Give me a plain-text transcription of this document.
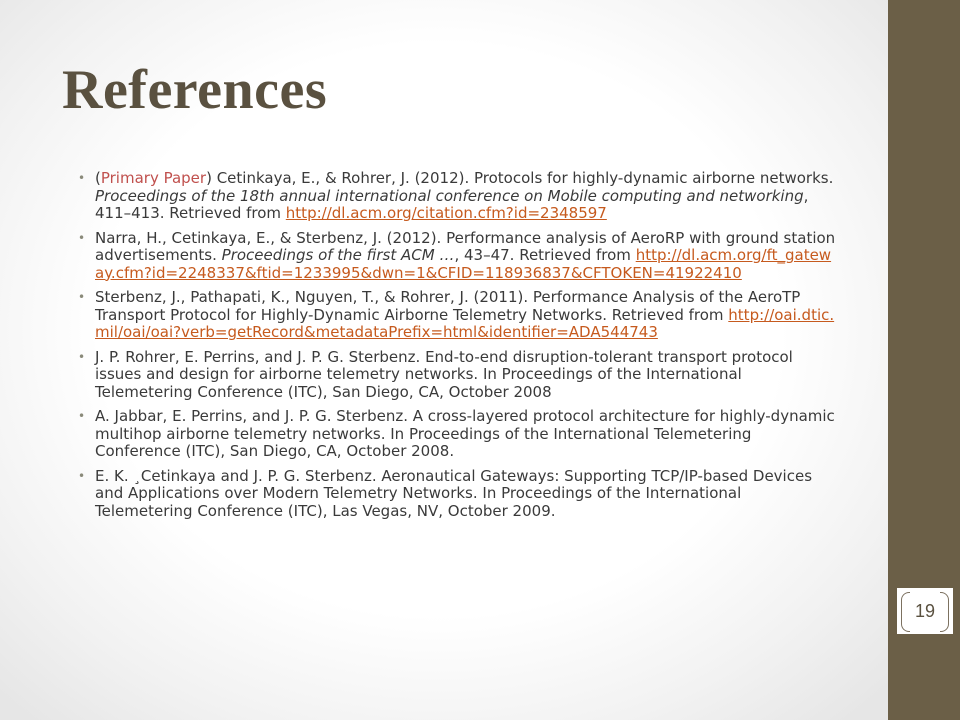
References
• (Primary Paper) Cetinkaya, E., & Rohrer, J. (2012). Protocols for highly-dynamic airborne networks. Proceedings of the 18th annual international conference on Mobile computing and networking, 411–413. Retrieved from http://dl.acm.org/citation.cfm?id=2348597
• Narra, H., Cetinkaya, E., & Sterbenz, J. (2012). Performance analysis of AeroRP with ground station advertisements. Proceedings of the first ACM …, 43–47. Retrieved from http://dl.acm.org/ft_gateway.cfm?id=2248337&ftid=1233995&dwn=1&CFID=118936837&CFTOKEN=41922410
• Sterbenz, J., Pathapati, K., Nguyen, T., & Rohrer, J. (2011). Performance Analysis of the AeroTP Transport Protocol for Highly-Dynamic Airborne Telemetry Networks. Retrieved from http://oai.dtic.mil/oai/oai?verb=getRecord&metadataPrefix=html&identifier=ADA544743
• J. P. Rohrer, E. Perrins, and J. P. G. Sterbenz. End-to-end disruption-tolerant transport protocol issues and design for airborne telemetry networks. In Proceedings of the International Telemetering Conference (ITC), San Diego, CA, October 2008
• A. Jabbar, E. Perrins, and J. P. G. Sterbenz. A cross-layered protocol architecture for highly-dynamic multihop airborne telemetry networks. In Proceedings of the International Telemetering Conference (ITC), San Diego, CA, October 2008.
• E. K. ¸Cetinkaya and J. P. G. Sterbenz. Aeronautical Gateways: Supporting TCP/IP-based Devices and Applications over Modern Telemetry Networks. In Proceedings of the International Telemetering Conference (ITC), Las Vegas, NV, October 2009.
19
